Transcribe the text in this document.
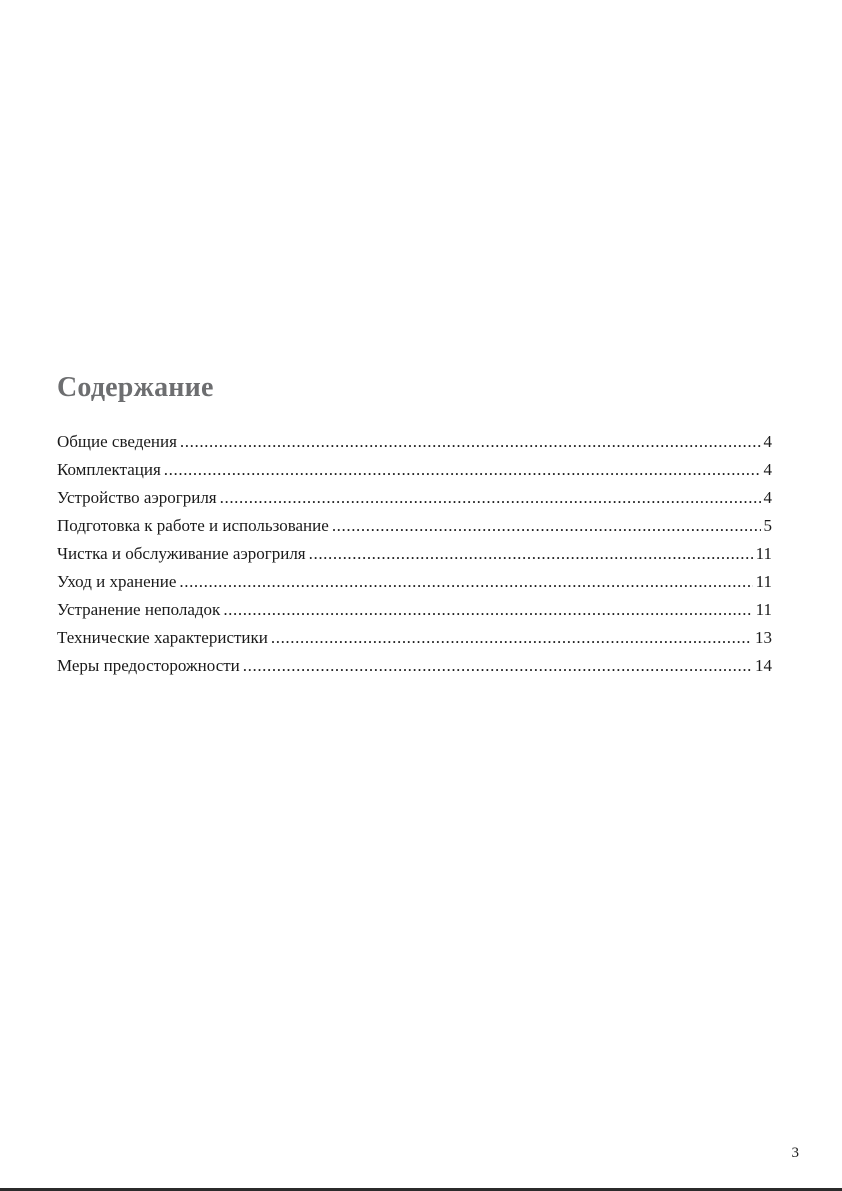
Содержание
Общие сведения .....	4
Комплектация .....	4
Устройство аэрогриля .....	4
Подготовка к работе и использование .....	5
Чистка и обслуживание аэрогриля .....	11
Уход и хранение .....	11
Устранение неполадок .....	11
Технические характеристики .....	13
Меры предосторожности .....	14
3
